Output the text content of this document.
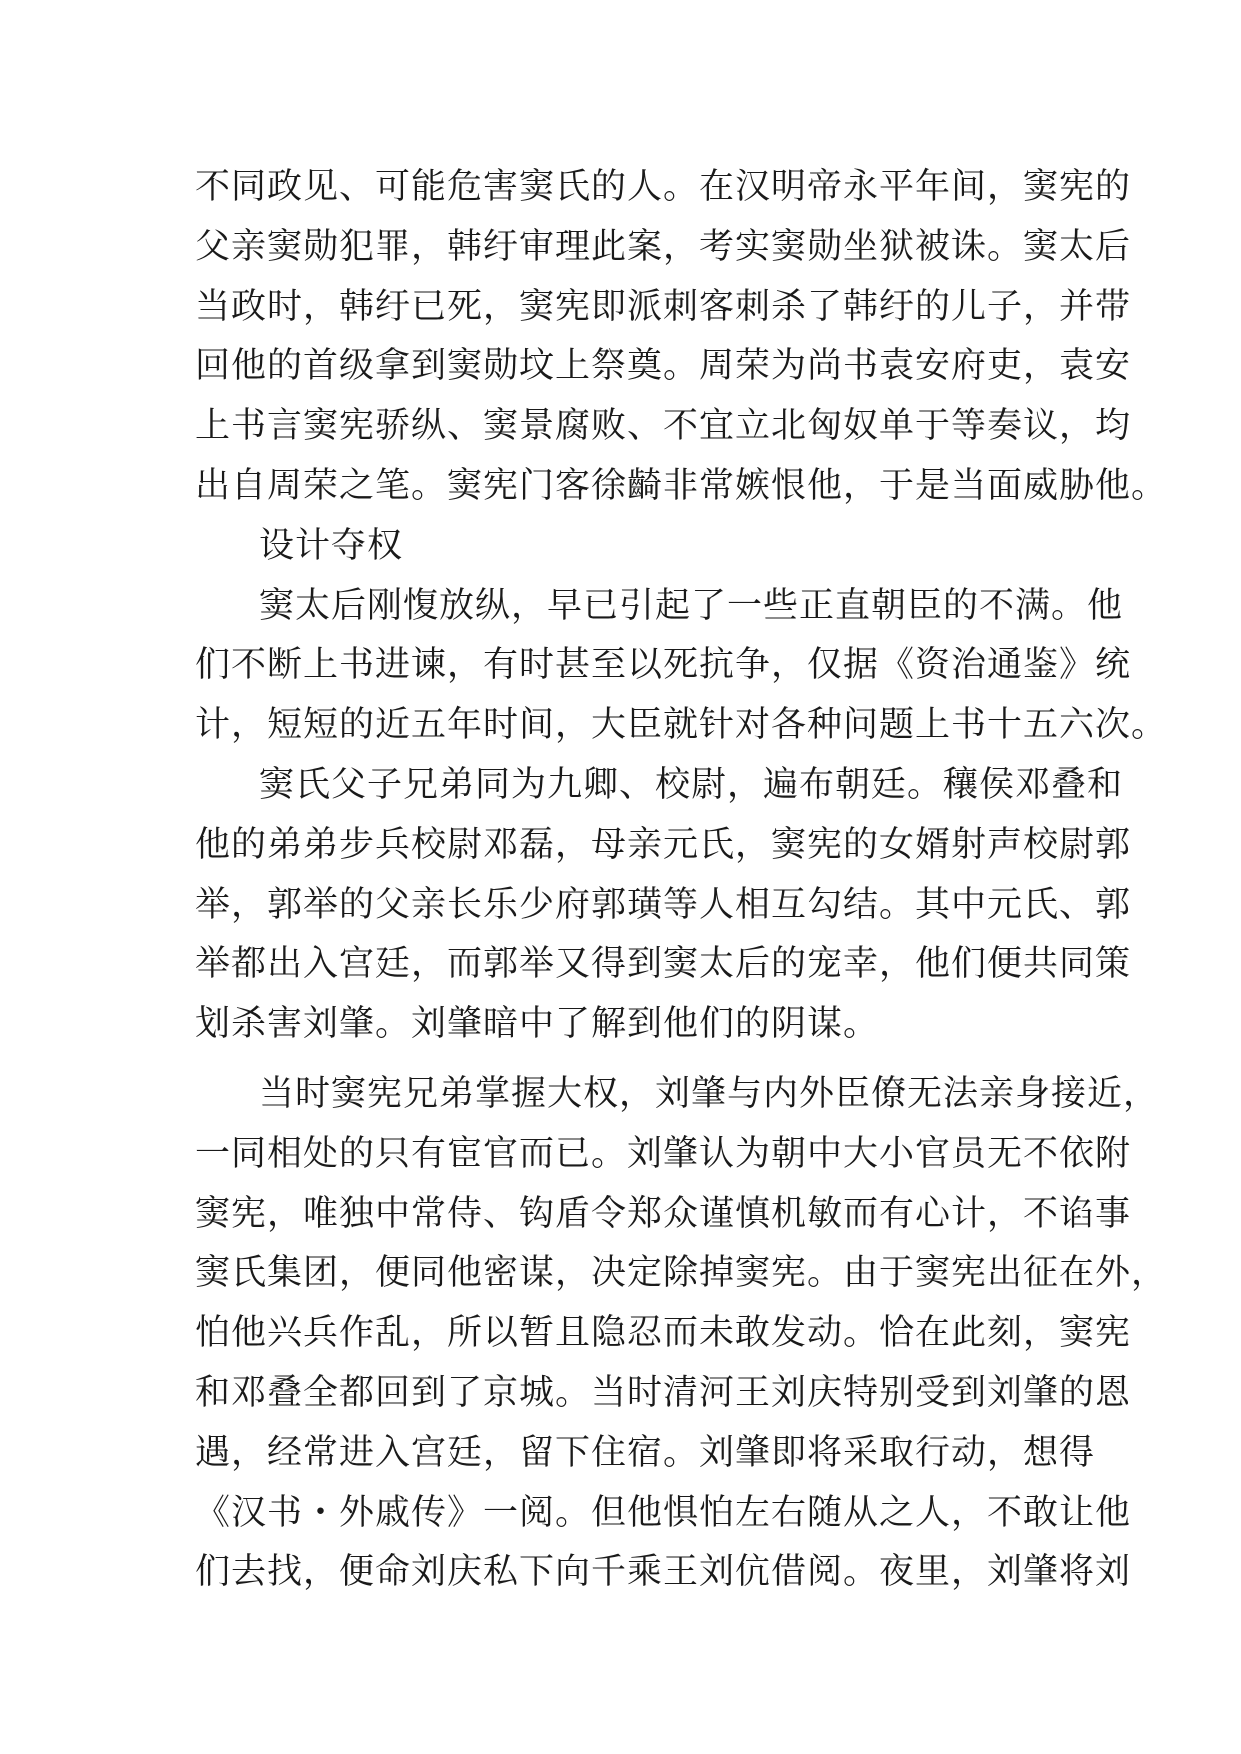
不同政见、可能危害窦氏的人。在汉明帝永平年间，窦宪的
父亲窦勋犯罪，韩纡审理此案，考实窦勋坐狱被诛。窦太后
当政时，韩纡已死，窦宪即派刺客刺杀了韩纡的儿子，并带
回他的首级拿到窦勋坟上祭奠。周荣为尚书袁安府吏，袁安
上书言窦宪骄纵、窦景腐败、不宜立北匈奴单于等奏议，均
出自周荣之笔。窦宪门客徐齮非常嫉恨他，于是当面威胁他。
设计夺权
窦太后刚愎放纵，早已引起了一些正直朝臣的不满。他
们不断上书进谏，有时甚至以死抗争，仅据《资治通鉴》统
计，短短的近五年时间，大臣就针对各种问题上书十五六次。
窦氏父子兄弟同为九卿、校尉，遍布朝廷。穰侯邓叠和
他的弟弟步兵校尉邓磊，母亲元氏，窦宪的女婿射声校尉郭
举，郭举的父亲长乐少府郭璜等人相互勾结。其中元氏、郭
举都出入宫廷，而郭举又得到窦太后的宠幸，他们便共同策
划杀害刘肇。刘肇暗中了解到他们的阴谋。
当时窦宪兄弟掌握大权，刘肇与内外臣僚无法亲身接近，
一同相处的只有宦官而已。刘肇认为朝中大小官员无不依附
窦宪，唯独中常侍、钩盾令郑众谨慎机敏而有心计，不谄事
窦氏集团，便同他密谋，决定除掉窦宪。由于窦宪出征在外，
怕他兴兵作乱，所以暂且隐忍而未敢发动。恰在此刻，窦宪
和邓叠全都回到了京城。当时清河王刘庆特别受到刘肇的恩
遇，经常进入宫廷，留下住宿。刘肇即将采取行动，想得
《汉书・外戚传》一阅。但他惧怕左右随从之人，不敢让他
们去找，便命刘庆私下向千乘王刘伉借阅。夜里，刘肇将刘
